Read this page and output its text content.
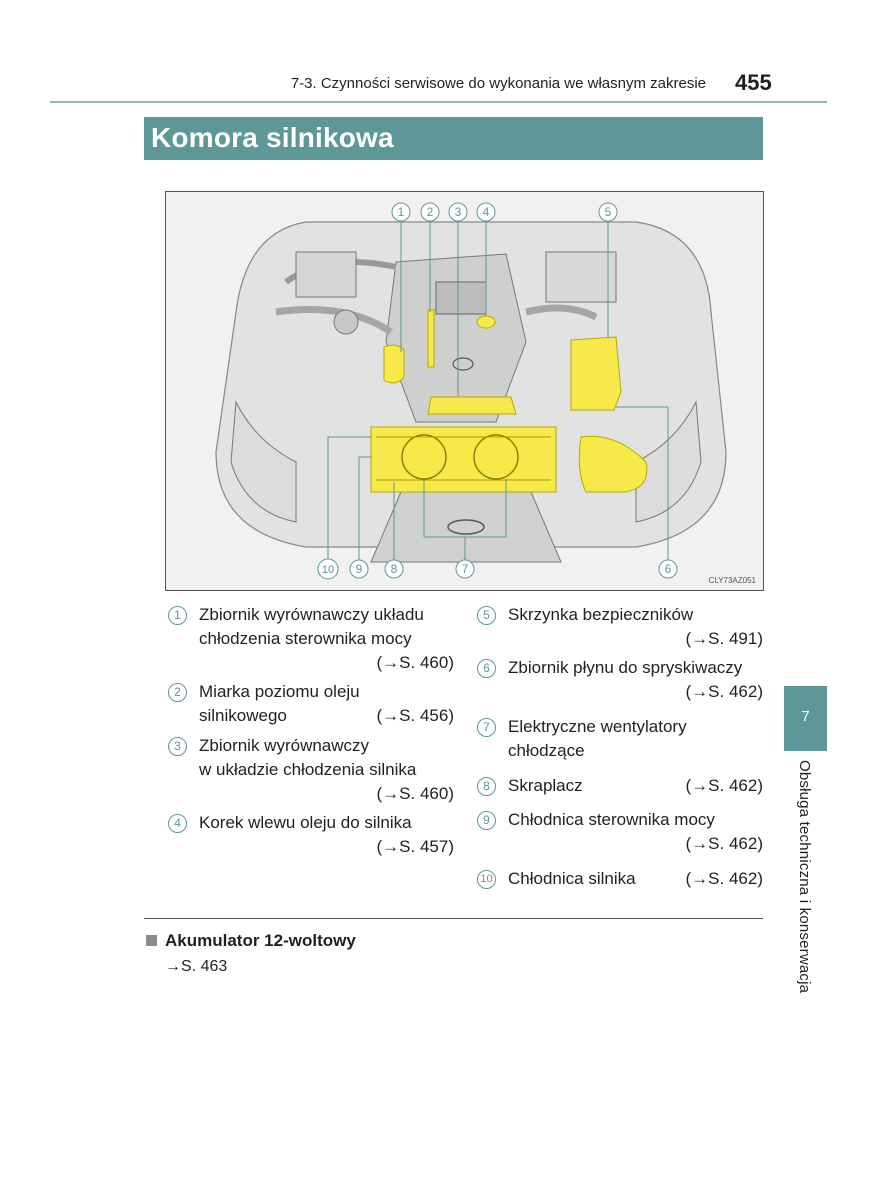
7-3. Czynności serwisowe do wykonania we własnym zakresie 455
Komora silnikowa
1 2 3 4	5
10 9 8	7	6
CLY73AZ051
1	Zbiornik wyrównawczy układu
chłodzenia sterownika mocy
(→S. 460)
2	Miarka poziomu oleju
silnikowego	(→S. 456)
3	Zbiornik wyrównawczy
w układzie chłodzenia silnika
(→S. 460)
4	Korek wlewu oleju do silnika
(→S. 457)
5	Skrzynka bezpieczników
(→S. 491)
6	Zbiornik płynu do spryskiwaczy
(→S. 462)
7	Elektryczne wentylatory
chłodzące
8	Skraplacz	(→S. 462)
9	Chłodnica sterownika mocy
(→S. 462)
10 Chłodnica silnika	(→S. 462)
Akumulator 12-woltowy
→S. 463
7
Obsługa techniczna i konserwacja
